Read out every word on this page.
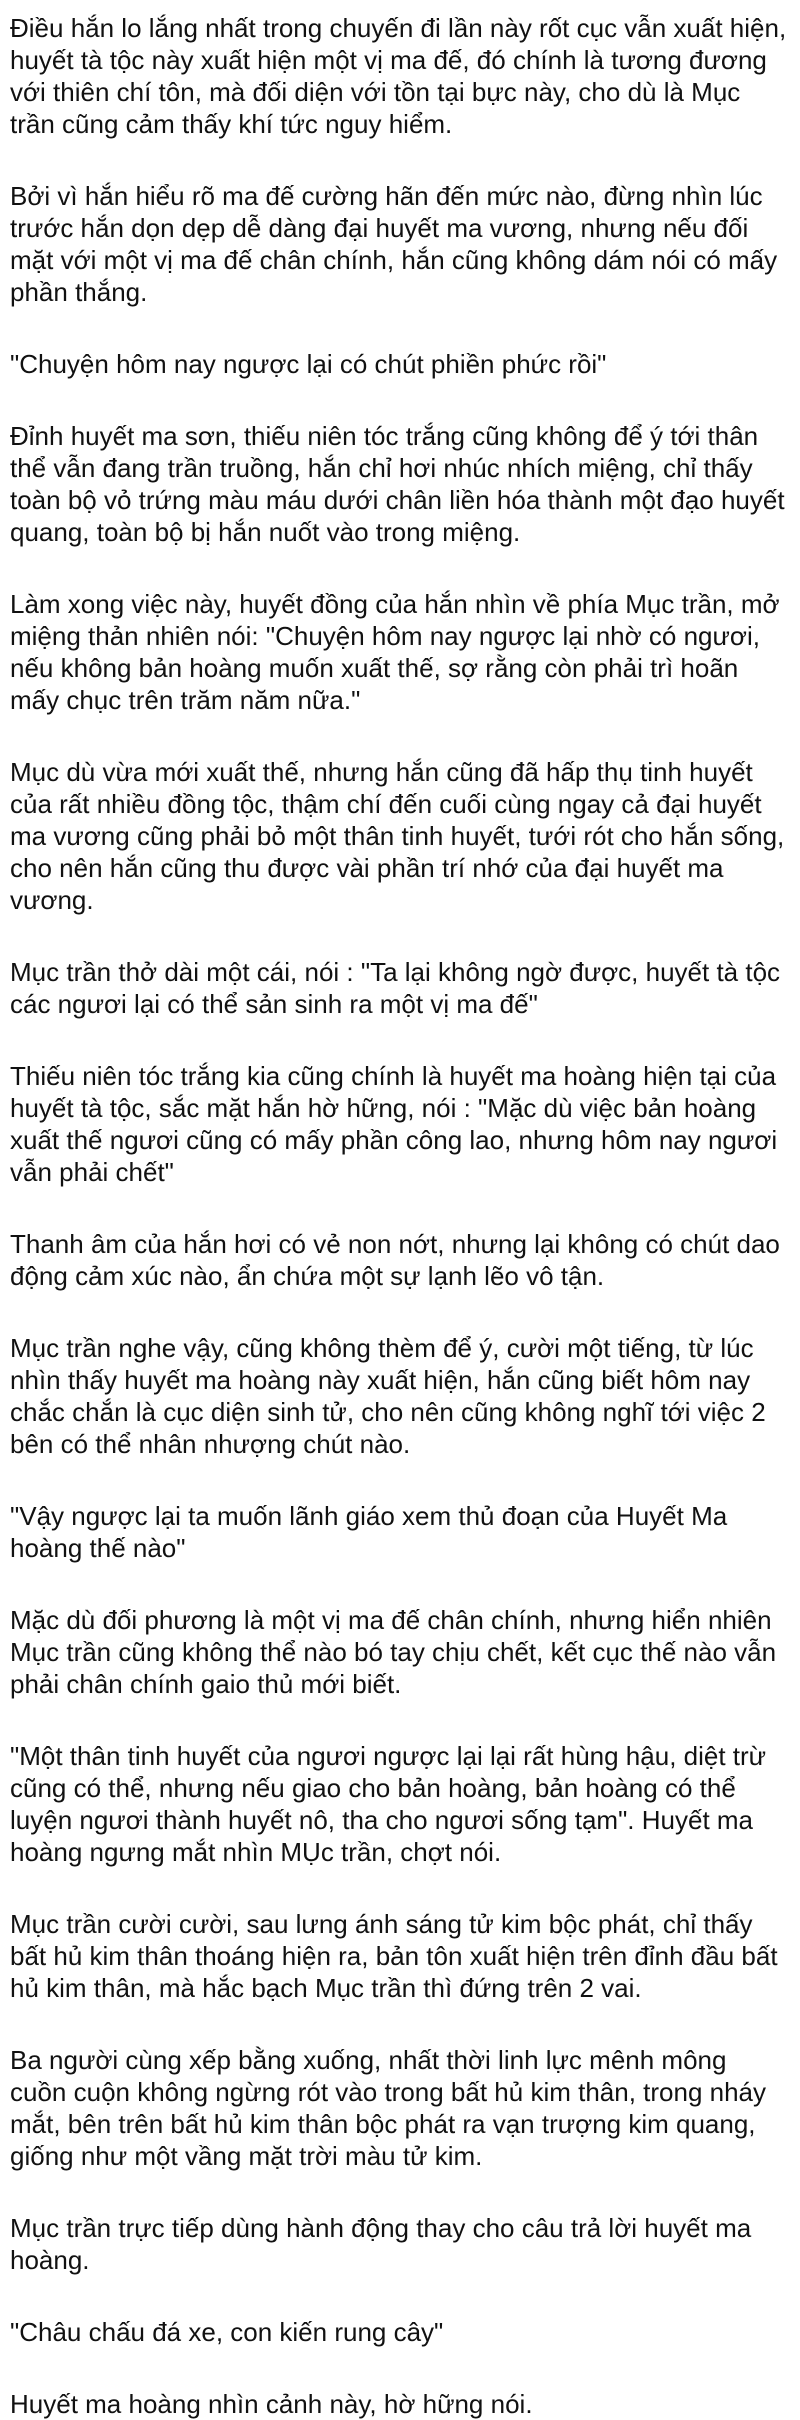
Điều hắn lo lắng nhất trong chuyến đi lần này rốt cục vẫn xuất hiện, huyết tà tộc này xuất hiện một vị ma đế, đó chính là tương đương với thiên chí tôn, mà đối diện với tồn tại bực này, cho dù là Mục trần cũng cảm thấy khí tức nguy hiểm.

Bởi vì hắn hiểu rõ ma đế cường hãn đến mức nào, đừng nhìn lúc trước hắn dọn dẹp dễ dàng đại huyết ma vương, nhưng nếu đối mặt với một vị ma đế chân chính, hắn cũng không dám nói có mấy phần thắng.

"Chuyện hôm nay ngược lại có chút phiền phức rồi"

Đỉnh huyết ma sơn, thiếu niên tóc trắng cũng không để ý tới thân thể vẫn đang trần truồng, hắn chỉ hơi nhúc nhích miệng, chỉ thấy toàn bộ vỏ trứng màu máu dưới chân liền hóa thành một đạo huyết quang, toàn bộ bị hắn nuốt vào trong miệng.

Làm xong việc này, huyết đồng của hắn nhìn về phía Mục trần, mở miệng thản nhiên nói: "Chuyện hôm nay ngược lại nhờ có ngươi, nếu không bản hoàng muốn xuất thế, sợ rằng còn phải trì hoãn mấy chục trên trăm năm nữa."

Mục dù vừa mới xuất thế, nhưng hắn cũng đã hấp thụ tinh huyết của rất nhiều đồng tộc, thậm chí đến cuối cùng ngay cả đại huyết ma vương cũng phải bỏ một thân tinh huyết, tưới rót cho hắn sống, cho nên hắn cũng thu được vài phần trí nhớ của đại huyết ma vương.

Mục trần thở dài một cái, nói : "Ta lại không ngờ được, huyết tà tộc các ngươi lại có thể sản sinh ra một vị ma đế"

Thiếu niên tóc trắng kia cũng chính là huyết ma hoàng hiện tại của huyết tà tộc, sắc mặt hắn hờ hững, nói : "Mặc dù việc bản hoàng xuất thế ngươi cũng có mấy phần công lao, nhưng hôm nay ngươi vẫn phải chết"

Thanh âm của hắn hơi có vẻ non nớt, nhưng lại không có chút dao động cảm xúc nào, ẩn chứa một sự lạnh lẽo vô tận.

Mục trần nghe vậy, cũng không thèm để ý, cười một tiếng, từ lúc nhìn thấy huyết ma hoàng này xuất hiện, hắn cũng biết hôm nay chắc chắn là cục diện sinh tử, cho nên cũng không nghĩ tới việc 2 bên có thể nhân nhượng chút nào.

"Vậy ngược lại ta muốn lãnh giáo xem thủ đoạn của Huyết Ma hoàng thế nào"

Mặc dù đối phương là một vị ma đế chân chính, nhưng hiển nhiên Mục trần cũng không thể nào bó tay chịu chết, kết cục thế nào vẫn phải chân chính gaio thủ mới biết.

"Một thân tinh huyết của ngươi ngược lại lại rất hùng hậu, diệt trừ cũng có thể, nhưng nếu giao cho bản hoàng, bản hoàng có thể luyện ngươi thành huyết nô, tha cho ngươi sống tạm". Huyết ma hoàng ngưng mắt nhìn MỤc trần, chợt nói.

Mục trần cười cười, sau lưng ánh sáng tử kim bộc phát, chỉ thấy bất hủ kim thân thoáng hiện ra, bản tôn xuất hiện trên đỉnh đầu bất hủ kim thân, mà hắc bạch Mục trần thì đứng trên 2 vai.

Ba người cùng xếp bằng xuống, nhất thời linh lực mênh mông cuồn cuộn không ngừng rót vào trong bất hủ kim thân, trong nháy mắt, bên trên bất hủ kim thân bộc phát ra vạn trượng kim quang, giống như một vầng mặt trời màu tử kim.

Mục trần trực tiếp dùng hành động thay cho câu trả lời huyết ma hoàng.

"Châu chấu đá xe, con kiến rung cây"

Huyết ma hoàng nhìn cảnh này, hờ hững nói.
